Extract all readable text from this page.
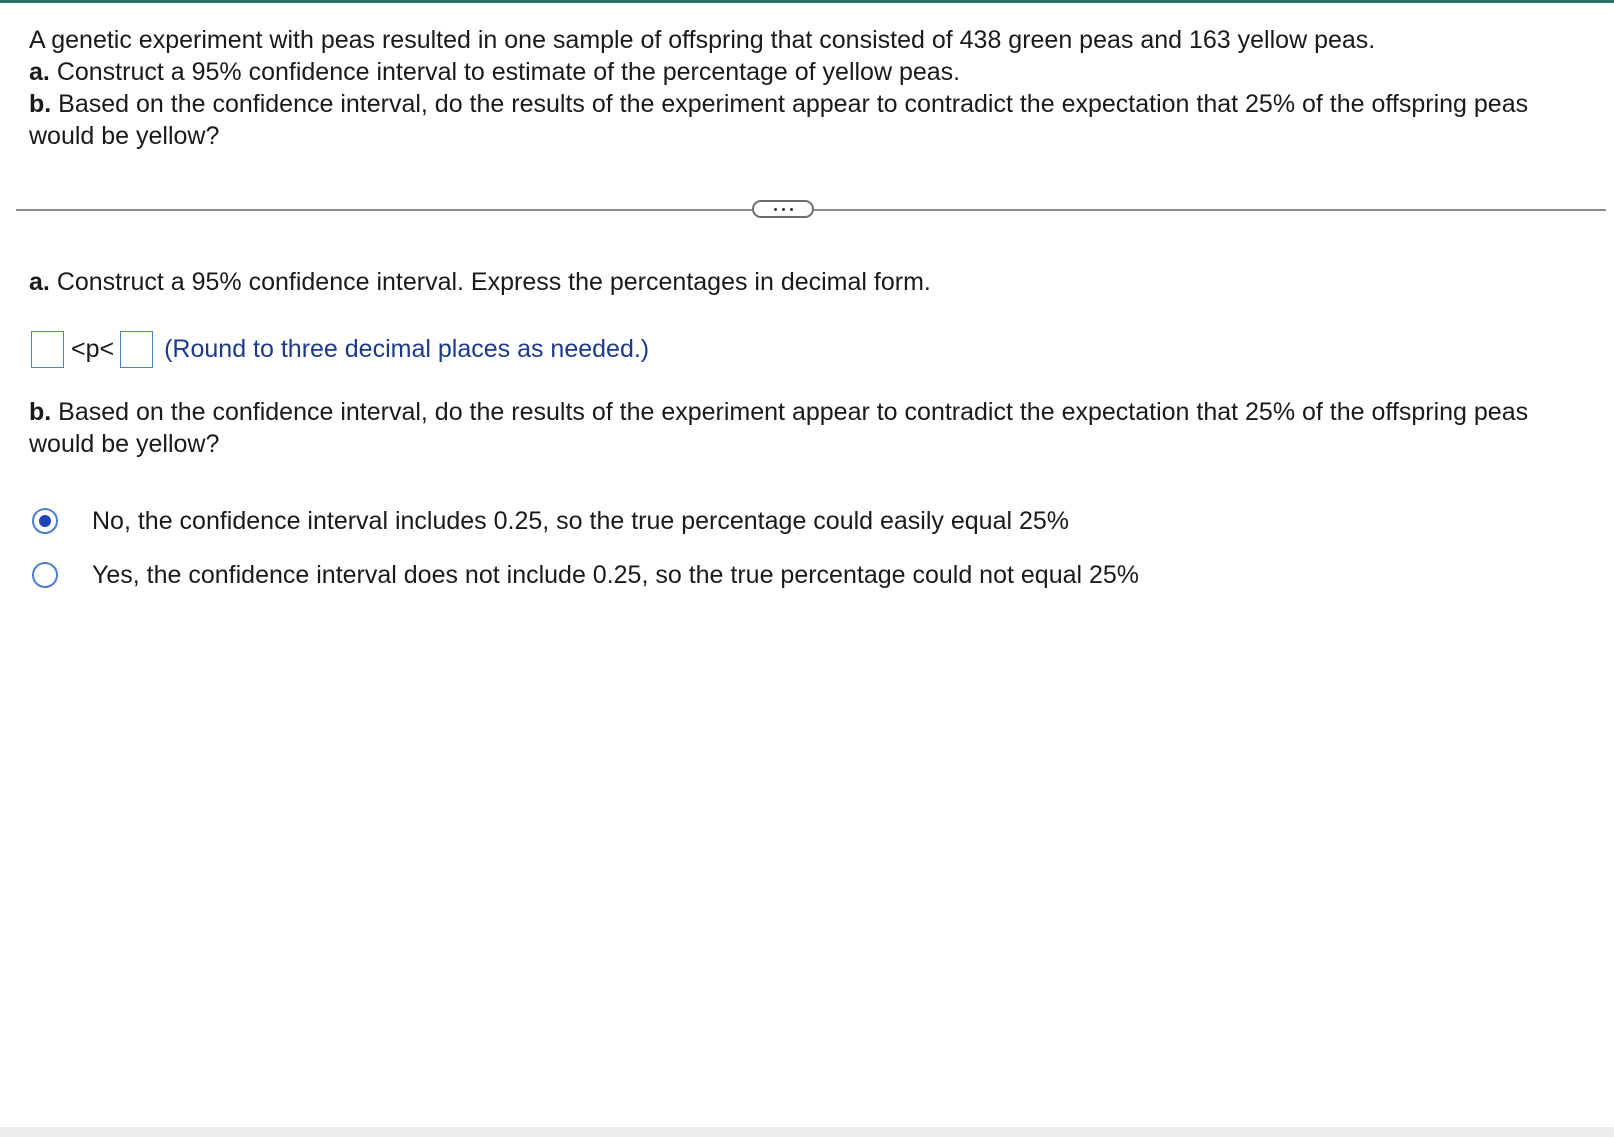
A genetic experiment with peas resulted in one sample of offspring that consisted of 438 green peas and 163 yellow peas.

a. Construct a 95% confidence interval to estimate of the percentage of yellow peas.

b. Based on the confidence interval, do the results of the experiment appear to contradict the expectation that 25% of the offspring peas would be yellow?

a. Construct a 95% confidence interval. Express the percentages in decimal form.
<p< (Round to three decimal places as needed.)
b. Based on the confidence interval, do the results of the experiment appear to contradict the expectation that 25% of the offspring peas would be yellow?
No, the confidence interval includes 0.25, so the true percentage could easily equal 25%
Yes, the confidence interval does not include 0.25, so the true percentage could not equal 25%
